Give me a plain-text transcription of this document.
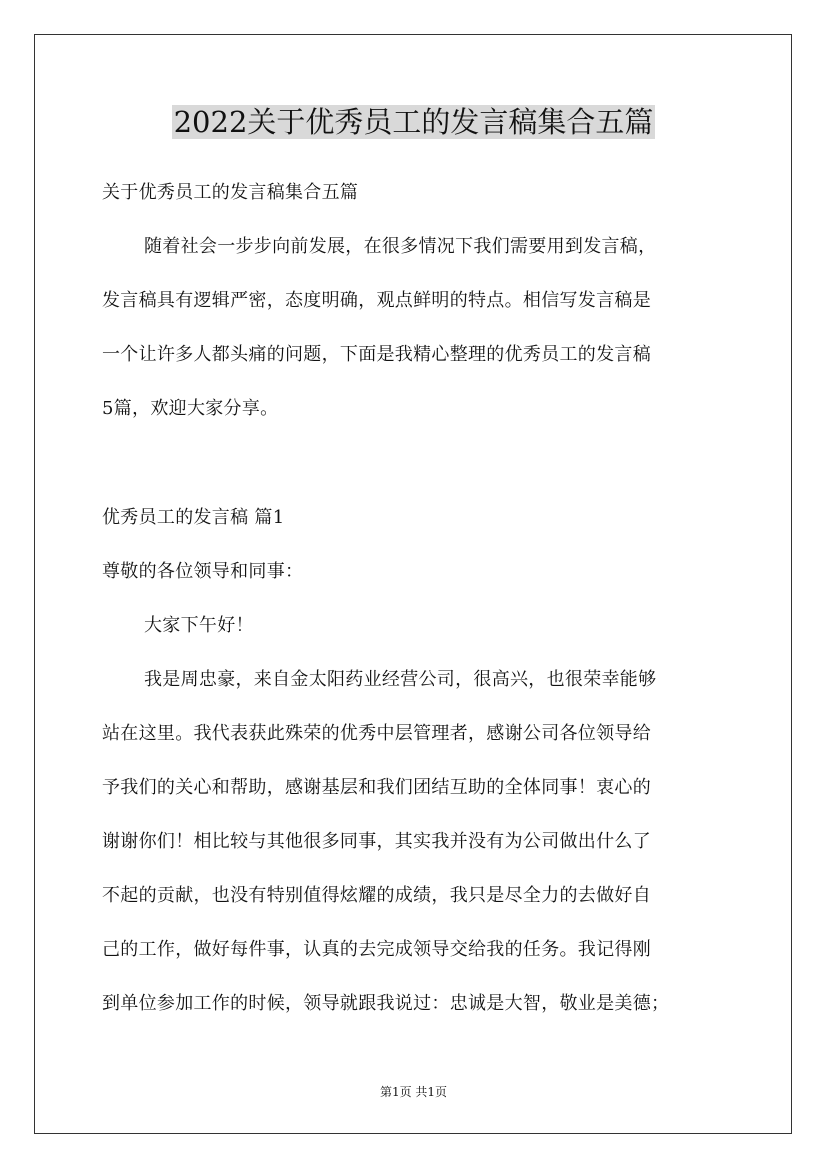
2022关于优秀员工的发言稿集合五篇
关于优秀员工的发言稿集合五篇
随着社会一步步向前发展，在很多情况下我们需要用到发言稿，
发言稿具有逻辑严密，态度明确，观点鲜明的特点。相信写发言稿是
一个让许多人都头痛的问题，下面是我精心整理的优秀员工的发言稿
5篇，欢迎大家分享。
优秀员工的发言稿 篇1
尊敬的各位领导和同事：
大家下午好！
我是周忠豪，来自金太阳药业经营公司，很高兴，也很荣幸能够
站在这里。我代表获此殊荣的优秀中层管理者，感谢公司各位领导给
予我们的关心和帮助，感谢基层和我们团结互助的全体同事！衷心的
谢谢你们！相比较与其他很多同事，其实我并没有为公司做出什么了
不起的贡献，也没有特别值得炫耀的成绩，我只是尽全力的去做好自
己的工作，做好每件事，认真的去完成领导交给我的任务。我记得刚
到单位参加工作的时候，领导就跟我说过：忠诚是大智，敬业是美德；
第1页 共1页
